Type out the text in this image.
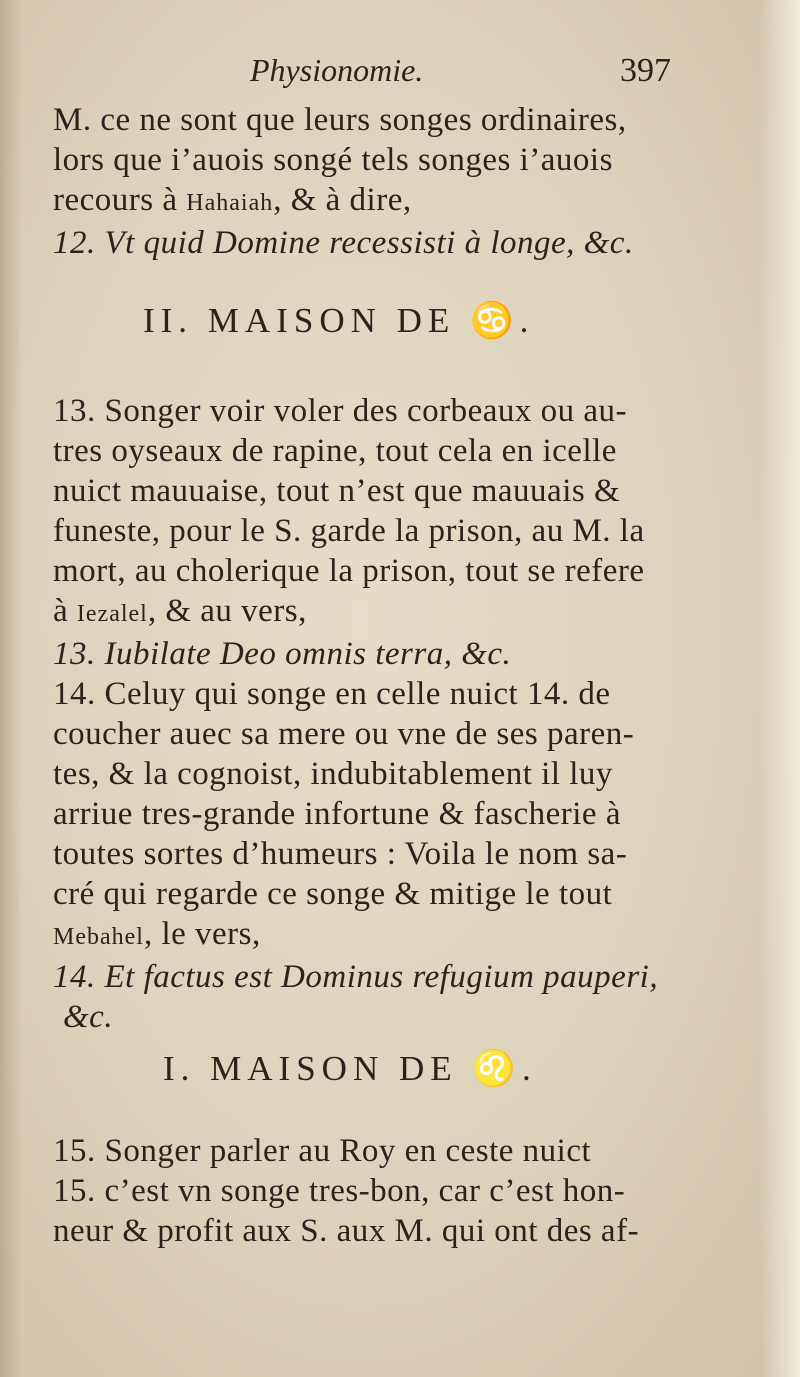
Physionomie.	397
M. ce ne sont que leurs songes ordinaires,
lors que i’auois songé tels songes i’auois
recours à Hahaiah, & à dire,
12. Vt quid Domine recessisti à longe, &c.
II. MAISON DE ♋.
13. Songer voir voler des corbeaux ou au-
tres oyseaux de rapine, tout cela en icelle
nuict mauuaise, tout n’est que mauuais &
funeste, pour le S. garde la prison, au M. la
mort, au cholerique la prison, tout se refere
à Iezalel, & au vers,
13. Iubilate Deo omnis terra, &c.
14. Celuy qui songe en celle nuict 14. de
coucher auec sa mere ou vne de ses paren-
tes, & la cognoist, indubitablement il luy
arriue tres-grande infortune & fascherie à
toutes sortes d’humeurs : Voila le nom sa-
cré qui regarde ce songe & mitige le tout
Mebahel, le vers,
14. Et factus est Dominus refugium pauperi,
&c.
I. MAISON DE ♌.
15. Songer parler au Roy en ceste nuict
15. c’est vn songe tres-bon, car c’est hon-
neur & profit aux S. aux M. qui ont des af-
